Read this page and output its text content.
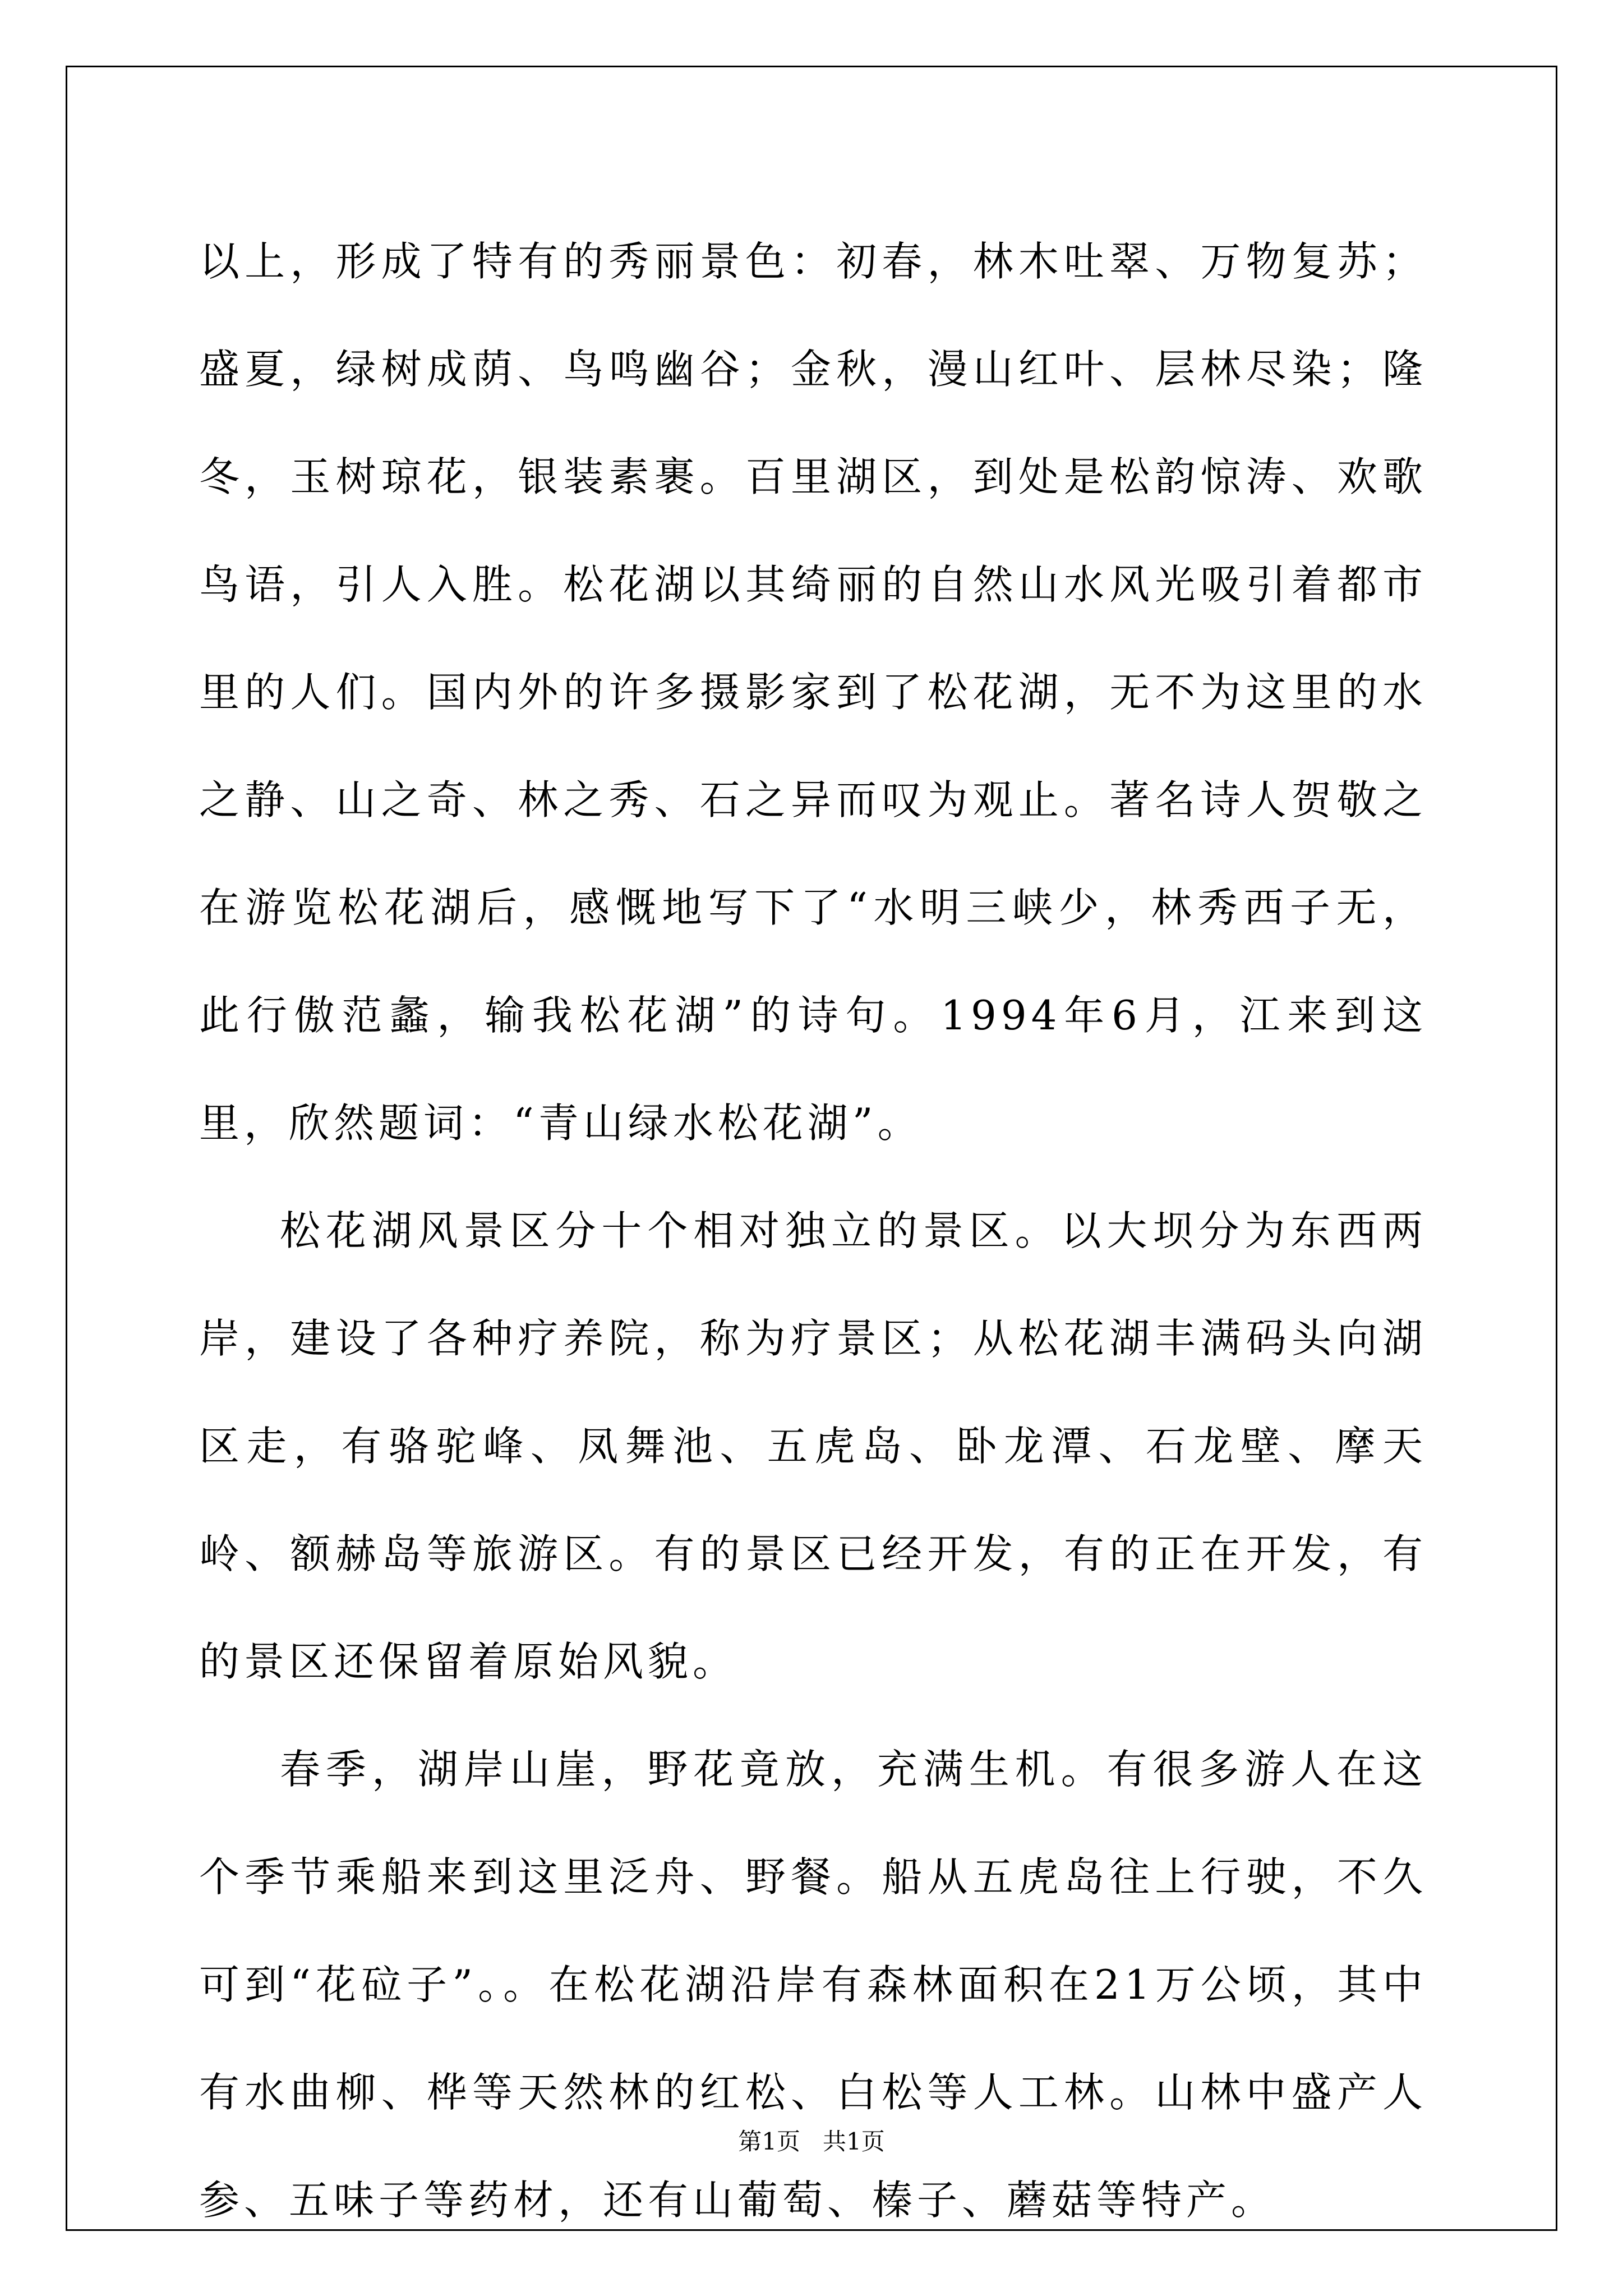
以上，形成了特有的秀丽景色：初春，林木吐翠、万物复苏；盛夏，绿树成荫、鸟鸣幽谷；金秋，漫山红叶、层林尽染；隆冬，玉树琼花，银装素裹。百里湖区，到处是松韵惊涛、欢歌鸟语，引人入胜。松花湖以其绮丽的自然山水风光吸引着都市里的人们。国内外的许多摄影家到了松花湖，无不为这里的水之静、山之奇、林之秀、石之异而叹为观止。著名诗人贺敬之在游览松花湖后，感慨地写下了“水明三峡少，林秀西子无，此行傲范蠡，输我松花湖”的诗句。1994年6月，江来到这里，欣然题词：“青山绿水松花湖”。

松花湖风景区分十个相对独立的景区。以大坝分为东西两岸，建设了各种疗养院，称为疗景区；从松花湖丰满码头向湖区走，有骆驼峰、凤舞池、五虎岛、卧龙潭、石龙壁、摩天岭、额赫岛等旅游区。有的景区已经开发，有的正在开发，有的景区还保留着原始风貌。

春季，湖岸山崖，野花竟放，充满生机。有很多游人在这个季节乘船来到这里泛舟、野餐。船从五虎岛往上行驶，不久可到“花砬子”。。在松花湖沿岸有森林面积在21万公顷，其中有水曲柳、桦等天然林的红松、白松等人工林。山林中盛产人参、五味子等药材，还有山葡萄、榛子、蘑菇等特产。

第1页 共1页
